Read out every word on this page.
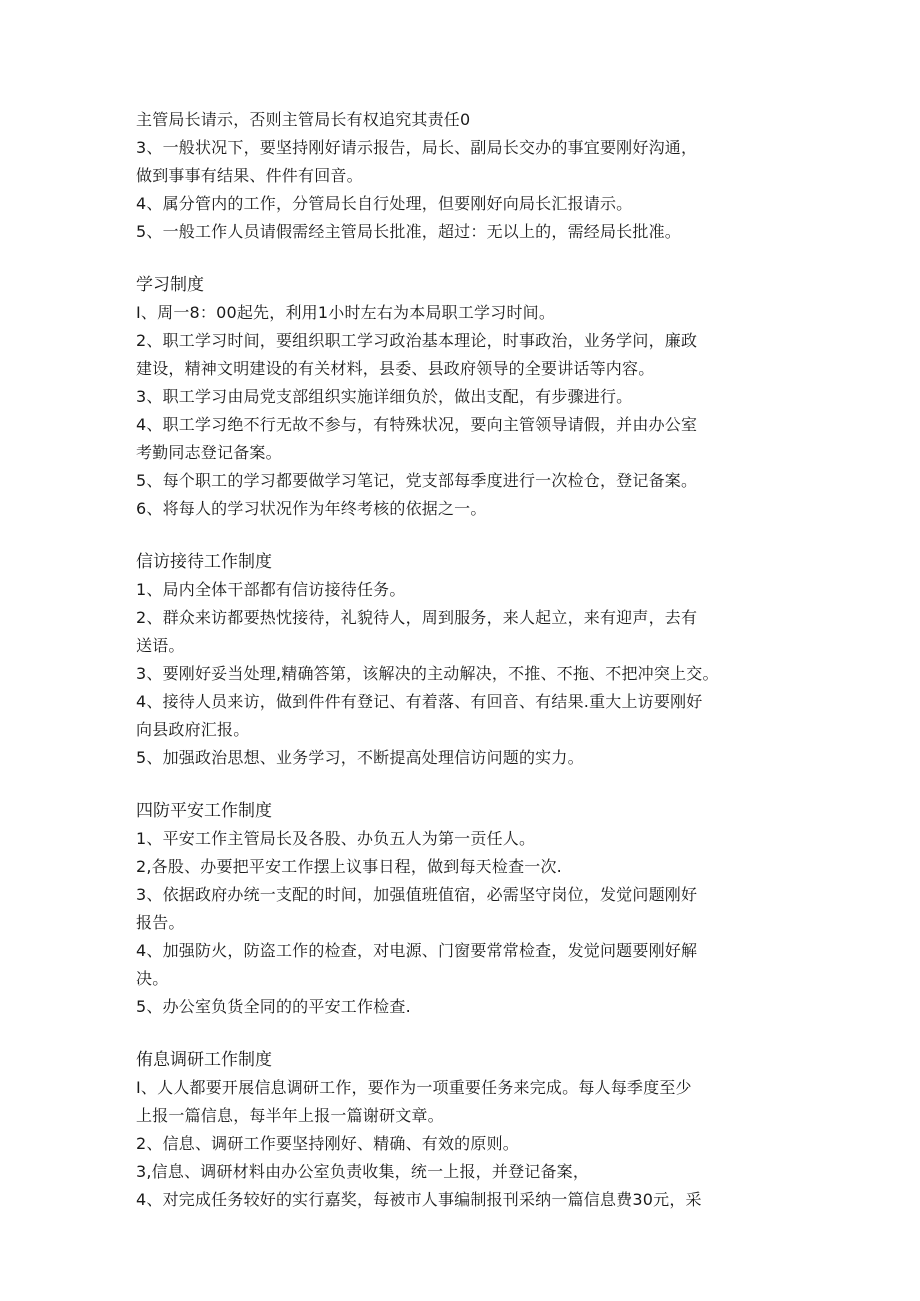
主管局长请示，否则主管局长有权追究其责任0
3、一般状况下，要坚持刚好请示报告，局长、副局长交办的事宜要刚好沟通，
做到事事有结果、件件有回音。
4、属分管内的工作，分管局长自行处理，但要刚好向局长汇报请示。
5、一般工作人员请假需经主管局长批准，超过：无以上的，需经局长批准。
学习制度
I、周一8：00起先，利用1小时左右为本局职工学习时间。
2、职工学习时间，要组织职工学习政治基本理论，时事政治，业务学问，廉政
建设，精神文明建设的有关材料，县委、县政府领导的全要讲话等内容。
3、职工学习由局党支部组织实施详细负於，做出支配，有步骤进行。
4、职工学习绝不行无故不参与，有特殊状况，要向主管领导请假，并由办公室
考勤同志登记备案。
5、每个职工的学习都要做学习笔记，党支部每季度进行一次检仓，登记备案。
6、将每人的学习状况作为年终考核的依据之一。
信访接待工作制度
1、局内全体干部都有信访接待任务。
2、群众来访都要热忱接待，礼貌待人，周到服务，来人起立，来有迎声，去有
送语。
3、要刚好妥当处理,精确答第，该解决的主动解决，不推、不拖、不把冲突上交。
4、接待人员来访，做到件件有登记、有着落、有回音、有结果.重大上访要刚好
向县政府汇报。
5、加强政治思想、业务学习，不断提高处理信访问题的实力。
四防平安工作制度
1、平安工作主管局长及各股、办负五人为第一贡任人。
2,各股、办要把平安工作摆上议事日程，做到每天检查一次.
3、依据政府办统一支配的时间，加强值班值宿，必需坚守岗位，发觉问题刚好
报告。
4、加强防火，防盗工作的检查，对电源、门窗要常常检查，发觉问题要刚好解
决。
5、办公室负货全同的的平安工作检查.
侑息调研工作制度
I、人人都要开展信息调研工作，要作为一项重要任务来完成。每人每季度至少
上报一篇信息，每半年上报一篇谢研文章。
2、信息、调研工作要坚持刚好、精确、有效的原则。
3,信息、调研材料由办公室负责收集，统一上报，并登记备案，
4、对完成任务较好的实行嘉奖，每被市人事编制报刊采纳一篇信息费30元，采
